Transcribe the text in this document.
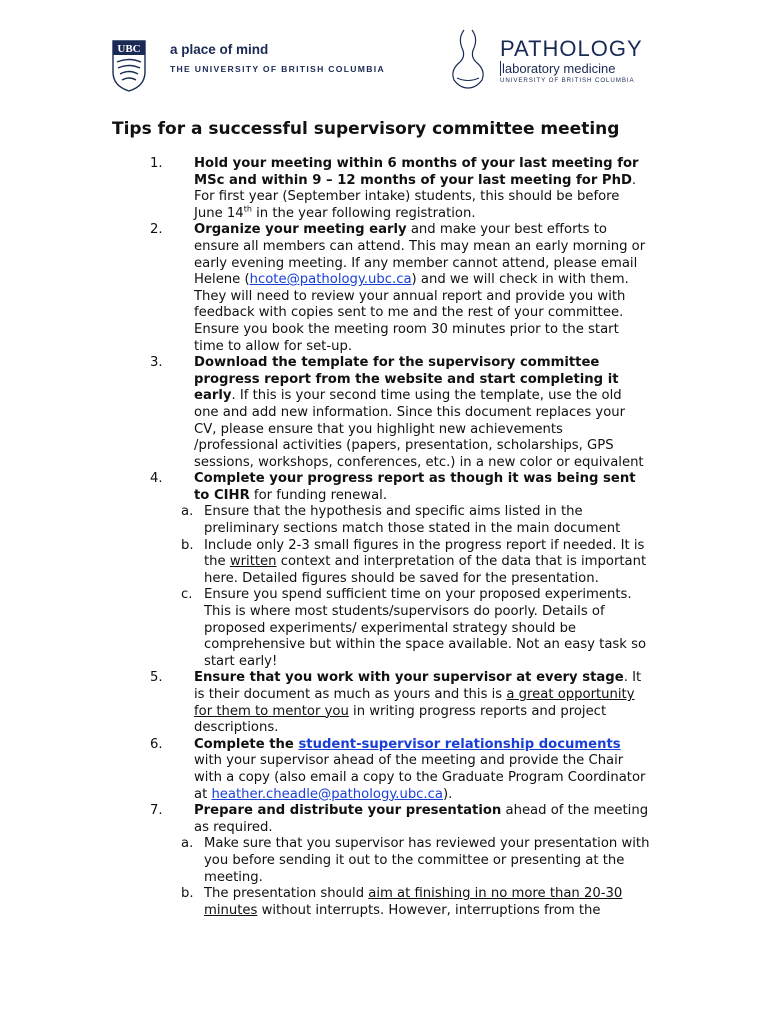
UBC a place of mind
THE UNIVERSITY OF BRITISH COLUMBIA
PATHOLOGY
laboratory medicine
UNIVERSITY OF BRITISH COLUMBIA
Tips for a successful supervisory committee meeting
1. Hold your meeting within 6 months of your last meeting for MSc and within 9 – 12 months of your last meeting for PhD. For first year (September intake) students, this should be before June 14th in the year following registration.
2. Organize your meeting early and make your best efforts to ensure all members can attend. This may mean an early morning or early evening meeting. If any member cannot attend, please email Helene (hcote@pathology.ubc.ca) and we will check in with them. They will need to review your annual report and provide you with feedback with copies sent to me and the rest of your committee. Ensure you book the meeting room 30 minutes prior to the start time to allow for set-up.
3. Download the template for the supervisory committee progress report from the website and start completing it early. If this is your second time using the template, use the old one and add new information. Since this document replaces your CV, please ensure that you highlight new achievements /professional activities (papers, presentation, scholarships, GPS sessions, workshops, conferences, etc.) in a new color or equivalent
4. Complete your progress report as though it was being sent to CIHR for funding renewal.
a. Ensure that the hypothesis and specific aims listed in the preliminary sections match those stated in the main document
b. Include only 2-3 small figures in the progress report if needed. It is the written context and interpretation of the data that is important here. Detailed figures should be saved for the presentation.
c. Ensure you spend sufficient time on your proposed experiments. This is where most students/supervisors do poorly. Details of proposed experiments/ experimental strategy should be comprehensive but within the space available. Not an easy task so start early!
5. Ensure that you work with your supervisor at every stage. It is their document as much as yours and this is a great opportunity for them to mentor you in writing progress reports and project descriptions.
6. Complete the student-supervisor relationship documents with your supervisor ahead of the meeting and provide the Chair with a copy (also email a copy to the Graduate Program Coordinator at heather.cheadle@pathology.ubc.ca).
7. Prepare and distribute your presentation ahead of the meeting as required.
a. Make sure that you supervisor has reviewed your presentation with you before sending it out to the committee or presenting at the meeting.
b. The presentation should aim at finishing in no more than 20-30 minutes without interrupts. However, interruptions from the
